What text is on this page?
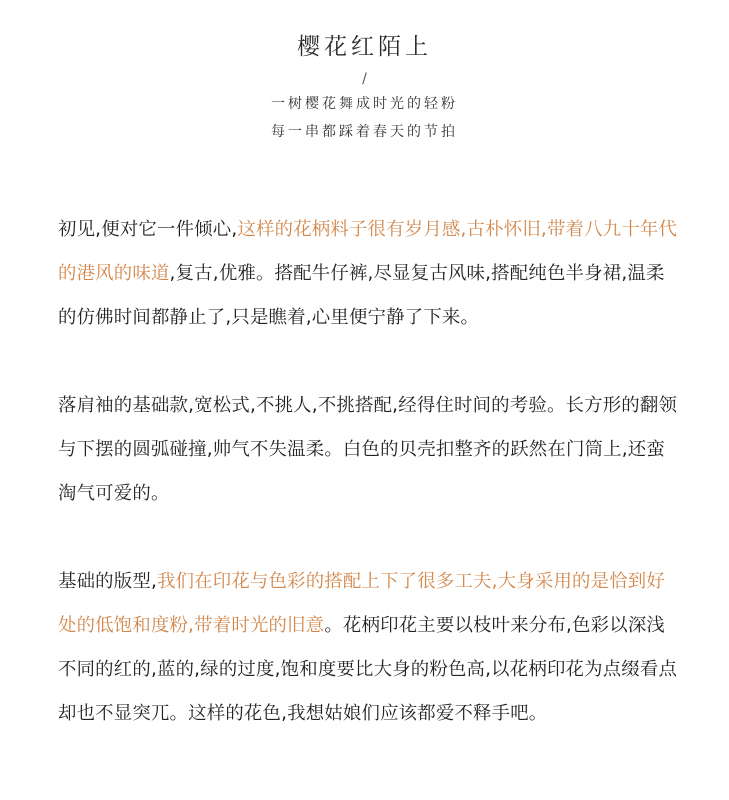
樱花红陌上
/
一树樱花舞成时光的轻粉
每一串都踩着春天的节拍

初见,便对它一件倾心,这样的花柄料子很有岁月感,古朴怀旧,带着八九十年代的港风的味道,复古,优雅。搭配牛仔裤,尽显复古风味,搭配纯色半身裙,温柔的仿佛时间都静止了,只是瞧着,心里便宁静了下来。

落肩袖的基础款,宽松式,不挑人,不挑搭配,经得住时间的考验。长方形的翻领与下摆的圆弧碰撞,帅气不失温柔。白色的贝壳扣整齐的跃然在门筒上,还蛮淘气可爱的。

基础的版型,我们在印花与色彩的搭配上下了很多工夫,大身采用的是恰到好处的低饱和度粉,带着时光的旧意。花柄印花主要以枝叶来分布,色彩以深浅不同的红的,蓝的,绿的过度,饱和度要比大身的粉色高,以花柄印花为点缀看点却也不显突兀。这样的花色,我想姑娘们应该都爱不释手吧。
